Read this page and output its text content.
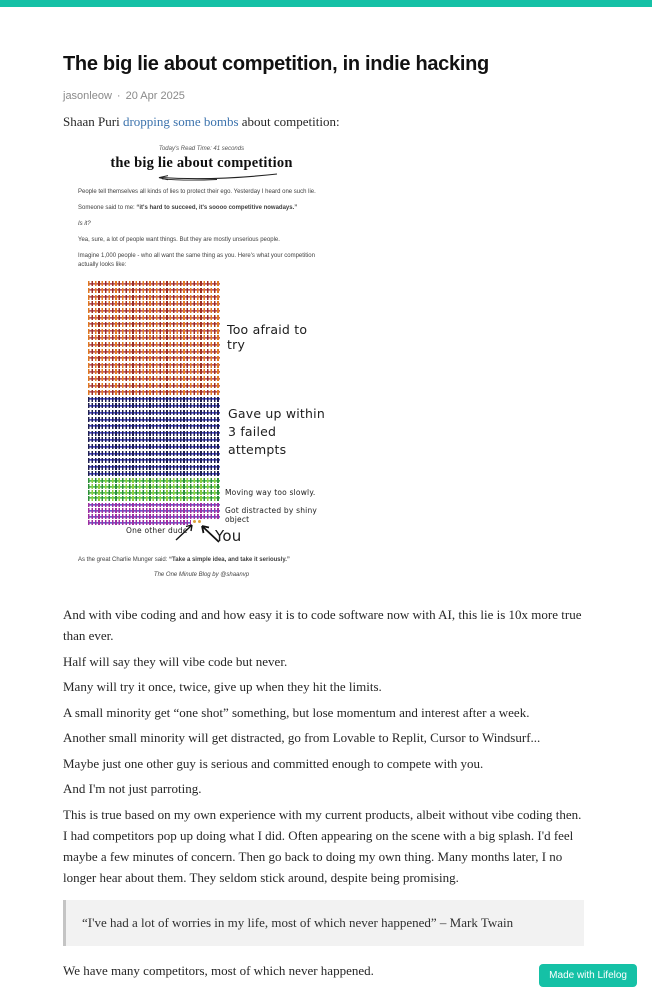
The big lie about competition, in indie hacking
jasonleow · 20 Apr 2025

Shaan Puri dropping some bombs about competition:

Today's Read Time: 41 seconds
the big lie about competition

People tell themselves all kinds of lies to protect their ego. Yesterday I heard one such lie.

Someone said to me: “it's hard to succeed, it's soooo competitive nowadays.”

Is it?

Yea, sure, a lot of people want things. But they are mostly unserious people.

Imagine 1,000 people - who all want the same thing as you. Here's what your competition actually looks like:

Too afraid to try
Gave up within 3 failed attempts
Moving way too slowly.
Got distracted by shiny object
One other dude You

As the great Charlie Munger said: “Take a simple idea, and take it seriously.”

The One Minute Blog by @shaanvp

And with vibe coding and and how easy it is to code software now with AI, this lie is 10x more true than ever.

Half will say they will vibe code but never.

Many will try it once, twice, give up when they hit the limits.

A small minority get “one shot” something, but lose momentum and interest after a week.

Another small minority will get distracted, go from Lovable to Replit, Cursor to Windsurf...

Maybe just one other guy is serious and committed enough to compete with you.

And I'm not just parroting.

This is true based on my own experience with my current products, albeit without vibe coding then. I had competitors pop up doing what I did. Often appearing on the scene with a big splash. I'd feel maybe a few minutes of concern. Then go back to doing my own thing. Many months later, I no longer hear about them. They seldom stick around, despite being promising.

“I've had a lot of worries in my life, most of which never happened” – Mark Twain

We have many competitors, most of which never happened.	Made with Lifelog
